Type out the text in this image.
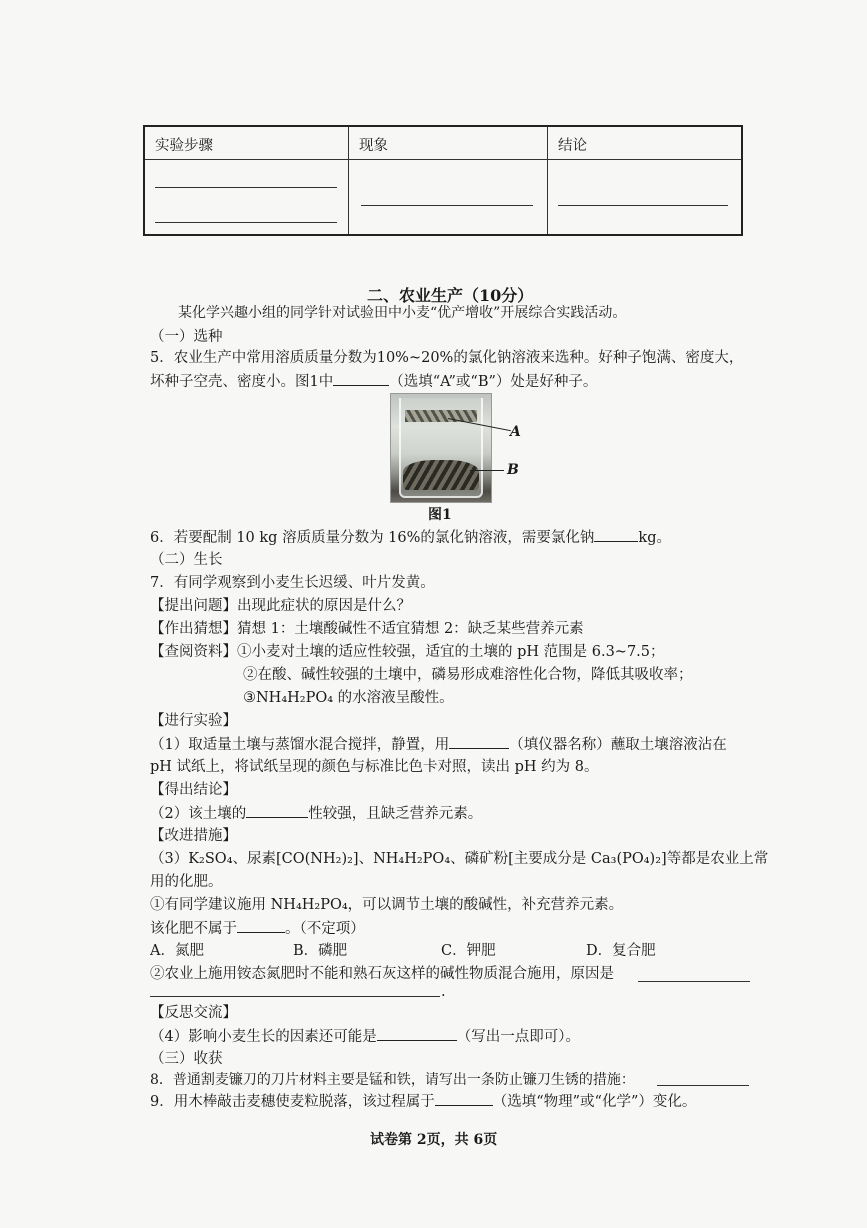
实验步骤	现象	结论

二、农业生产（10分）
某化学兴趣小组的同学针对试验田中小麦“优产增收”开展综合实践活动。
（一）选种
5．农业生产中常用溶质质量分数为10%~20%的氯化钠溶液来选种。好种子饱满、密度大，
坏种子空壳、密度小。图1中	（选填“A”或“B”）处是好种子。
A
B
图1
6．若要配制 10 kg 溶质质量分数为 16%的氯化钠溶液，需要氯化钠	kg。
（二）生长
7．有同学观察到小麦生长迟缓、叶片发黄。
【提出问题】出现此症状的原因是什么？
【作出猜想】猜想 1：土壤酸碱性不适宜猜想 2：缺乏某些营养元素
【查阅资料】①小麦对土壤的适应性较强，适宜的土壤的 pH 范围是 6.3~7.5；
②在酸、碱性较强的土壤中，磷易形成难溶性化合物，降低其吸收率；
③NH₄H₂PO₄ 的水溶液呈酸性。
【进行实验】
（1）取适量土壤与蒸馏水混合搅拌，静置，用	（填仪器名称）蘸取土壤溶液沾在
pH 试纸上，将试纸呈现的颜色与标准比色卡对照，读出 pH 约为 8。
【得出结论】
（2）该土壤的	性较强，且缺乏营养元素。
【改进措施】
（3）K₂SO₄、尿素[CO(NH₂)₂]、NH₄H₂PO₄、磷矿粉[主要成分是 Ca₃(PO₄)₂]等都是农业上常
用的化肥。
①有同学建议施用 NH₄H₂PO₄，可以调节土壤的酸碱性，补充营养元素。
该化肥不属于	。（不定项）
A．氮肥	B．磷肥	C．钾肥	D．复合肥
②农业上施用铵态氮肥时不能和熟石灰这样的碱性物质混合施用，原因是
.
【反思交流】
（4）影响小麦生长的因素还可能是	（写出一点即可）。
（三）收获
8．普通割麦镰刀的刀片材料主要是锰和铁，请写出一条防止镰刀生锈的措施：
9．用木棒敲击麦穗使麦粒脱落，该过程属于	（选填“物理”或“化学”）变化。
试卷第 2页，共 6页
